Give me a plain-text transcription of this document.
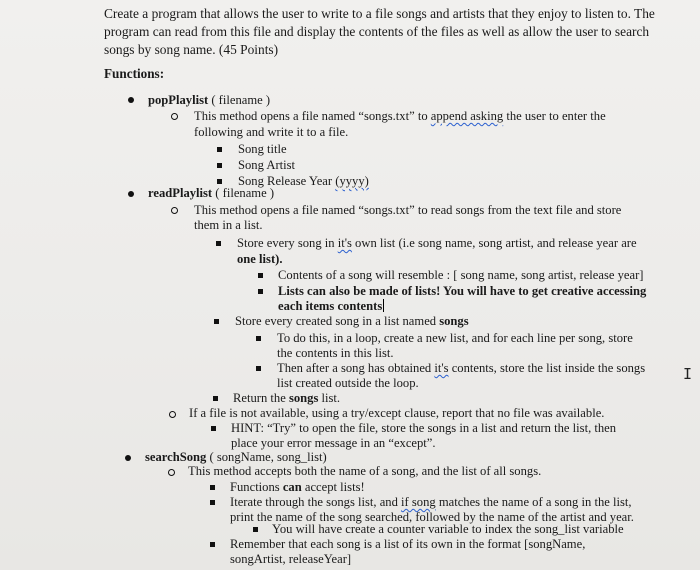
Create a program that allows the user to write to a file songs and artists that they enjoy to listen to. The
program can read from this file and display the contents of the files as well as allow the user to search
songs by song name. (45 Points)
Functions:
popPlaylist ( filename )
This method opens a file named “songs.txt” to append asking the user to enter the
following and write it to a file.
Song title
Song Artist
Song Release Year (yyyy)
readPlaylist ( filename )
This method opens a file named “songs.txt” to read songs from the text file and store
them in a list.
Store every song in it's own list (i.e song name, song artist, and release year are
one list).
Contents of a song will resemble : [ song name, song artist, release year]
Lists can also be made of lists! You will have to get creative accessing
each items contents
Store every created song in a list named songs
To do this, in a loop, create a new list, and for each line per song, store
the contents in this list.
Then after a song has obtained it's contents, store the list inside the songs
list created outside the loop.
Return the songs list.
If a file is not available, using a try/except clause, report that no file was available.
HINT: “Try” to open the file, store the songs in a list and return the list, then
place your error message in an “except”.
searchSong ( songName, song_list)
This method accepts both the name of a song, and the list of all songs.
Functions can accept lists!
Iterate through the songs list, and if song matches the name of a song in the list,
print the name of the song searched, followed by the name of the artist and year.
You will have create a counter variable to index the song_list variable
Remember that each song is a list of its own in the format [songName,
songArtist, releaseYear]
I
